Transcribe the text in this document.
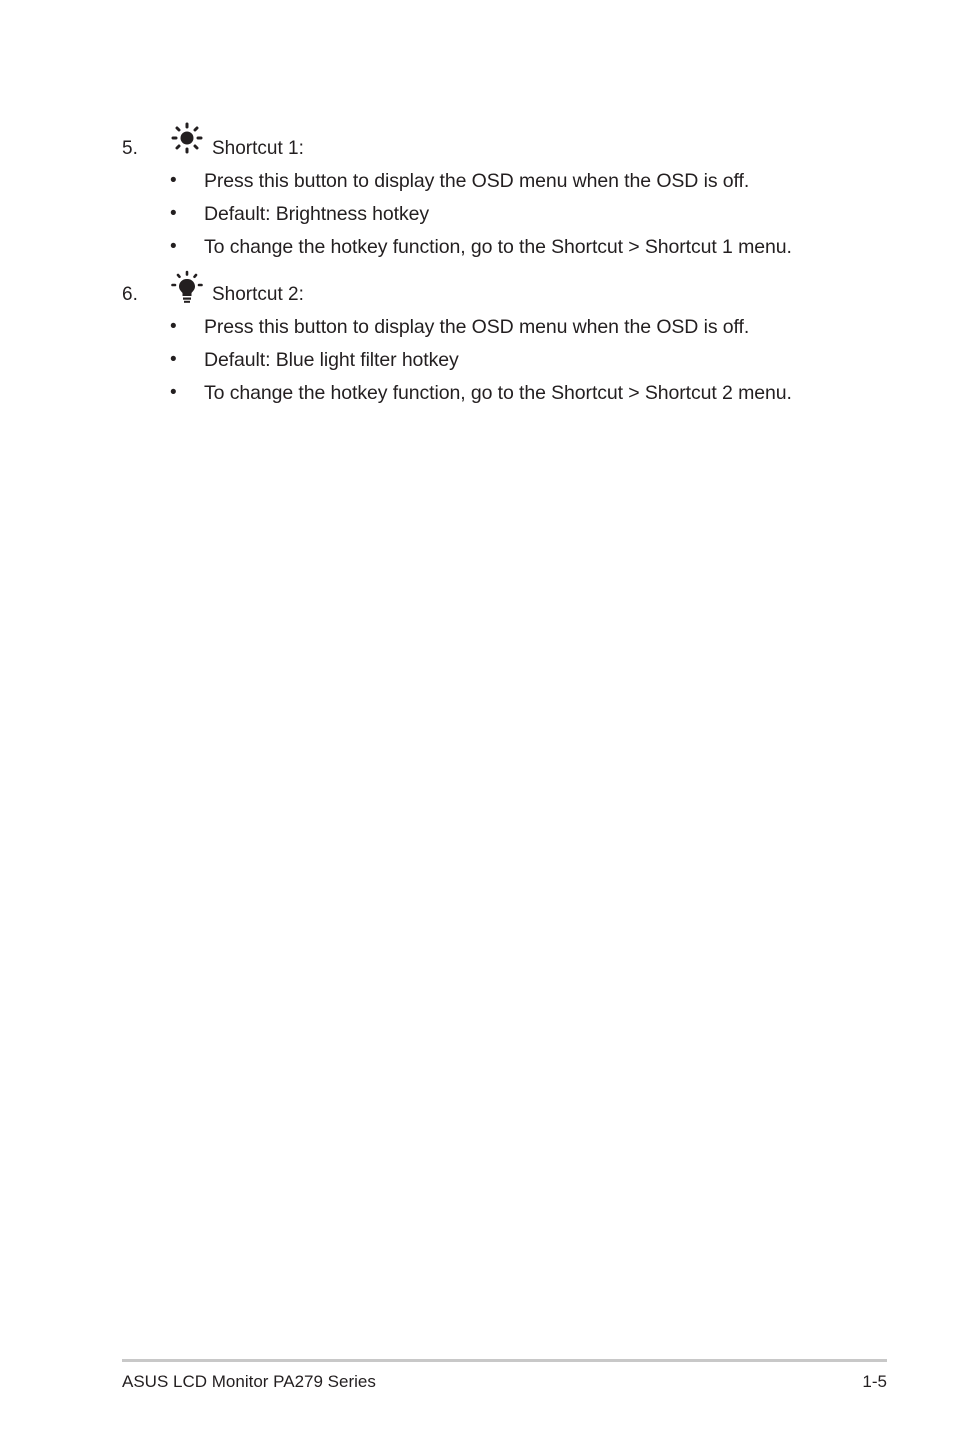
5.	Shortcut 1:
• Press this button to display the OSD menu when the OSD is off.
• Default: Brightness hotkey
• To change the hotkey function, go to the Shortcut > Shortcut 1 menu.
6.	Shortcut 2:
• Press this button to display the OSD menu when the OSD is off.
• Default: Blue light filter hotkey
• To change the hotkey function, go to the Shortcut > Shortcut 2 menu.
ASUS LCD Monitor PA279 Series	1-5
